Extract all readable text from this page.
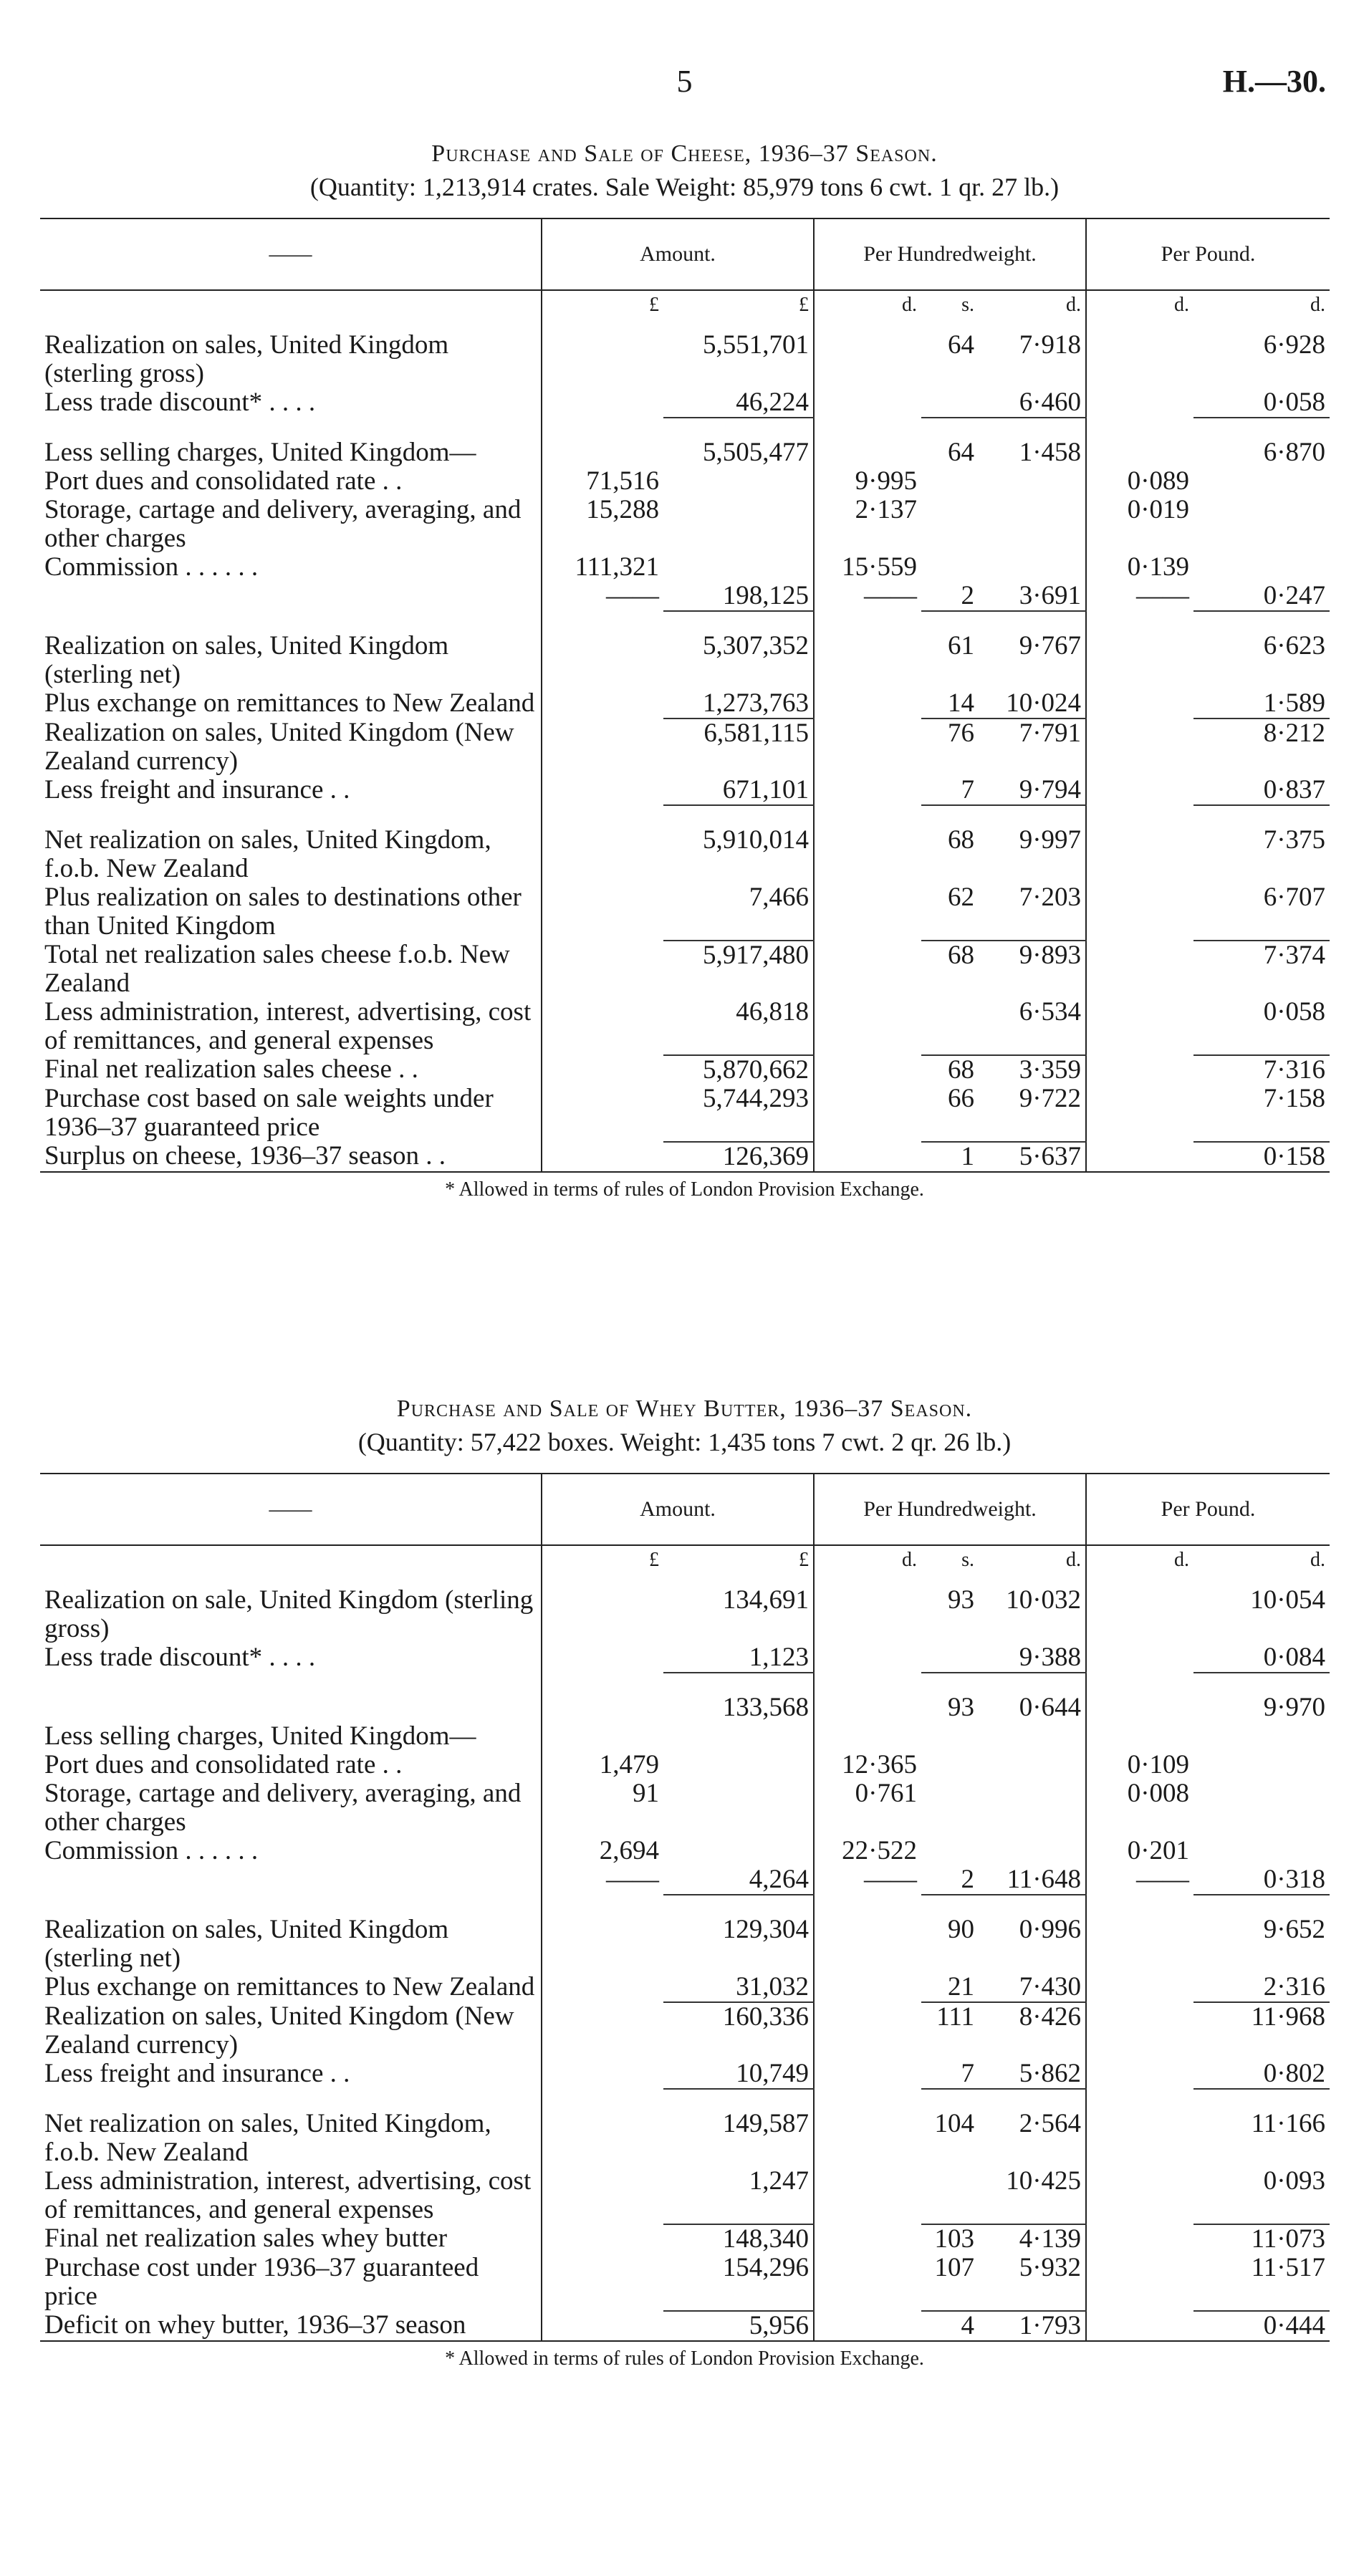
5	H.—30.
Purchase and Sale of Cheese, 1936–37 Season.
(Quantity: 1,213,914 crates. Sale Weight: 85,979 tons 6 cwt. 1 qr. 27 lb.)
——	Amount.		Per Hundredweight.			Per Pound.	
	£	£	d.	s.	d.	d.	d.
Realization on sales, United Kingdom (sterling gross)		5,551,701		64	7·918		6·928
Less trade discount* . . . .		46,224			6·460		0·058

Less selling charges, United Kingdom—		5,505,477		64	1·458		6·870
Port dues and consolidated rate . .	71,516		9·995			0·089	
Storage, cartage and delivery, averaging, and other charges	15,288		2·137			0·019	
Commission . . . . . .	111,321		15·559			0·139	
	——	198,125	——	2	3·691	——	0·247

Realization on sales, United Kingdom (sterling net)		5,307,352		61	9·767		6·623
Plus exchange on remittances to New Zealand		1,273,763		14	10·024		1·589
Realization on sales, United Kingdom (New Zealand currency)		6,581,115		76	7·791		8·212
Less freight and insurance . .		671,101		7	9·794		0·837

Net realization on sales, United Kingdom, f.o.b. New Zealand		5,910,014		68	9·997		7·375
Plus realization on sales to destinations other than United Kingdom		7,466		62	7·203		6·707
Total net realization sales cheese f.o.b. New Zealand		5,917,480		68	9·893		7·374
Less administration, interest, advertising, cost of remittances, and general expenses		46,818			6·534		0·058
Final net realization sales cheese . .		5,870,662		68	3·359		7·316
Purchase cost based on sale weights under 1936–37 guaranteed price		5,744,293		66	9·722		7·158
Surplus on cheese, 1936–37 season . .		126,369		1	5·637		0·158
* Allowed in terms of rules of London Provision Exchange.
Purchase and Sale of Whey Butter, 1936–37 Season.
(Quantity: 57,422 boxes. Weight: 1,435 tons 7 cwt. 2 qr. 26 lb.)
——	Amount.		Per Hundredweight.			Per Pound.	
	£	£	d.	s.	d.	d.	d.
Realization on sale, United Kingdom (sterling gross)		134,691		93	10·032		10·054
Less trade discount* . . . .		1,123			9·388		0·084

		133,568		93	0·644		9·970
Less selling charges, United Kingdom—							
Port dues and consolidated rate . .	1,479		12·365			0·109	
Storage, cartage and delivery, averaging, and other charges	91		0·761			0·008	
Commission . . . . . .	2,694		22·522			0·201	
	——	4,264	——	2	11·648	——	0·318

Realization on sales, United Kingdom (sterling net)		129,304		90	0·996		9·652
Plus exchange on remittances to New Zealand		31,032		21	7·430		2·316
Realization on sales, United Kingdom (New Zealand currency)		160,336		111	8·426		11·968
Less freight and insurance . .		10,749		7	5·862		0·802

Net realization on sales, United Kingdom, f.o.b. New Zealand		149,587		104	2·564		11·166
Less administration, interest, advertising, cost of remittances, and general expenses		1,247			10·425		0·093
Final net realization sales whey butter		148,340		103	4·139		11·073
Purchase cost under 1936–37 guaranteed price		154,296		107	5·932		11·517
Deficit on whey butter, 1936–37 season		5,956		4	1·793		0·444
* Allowed in terms of rules of London Provision Exchange.
